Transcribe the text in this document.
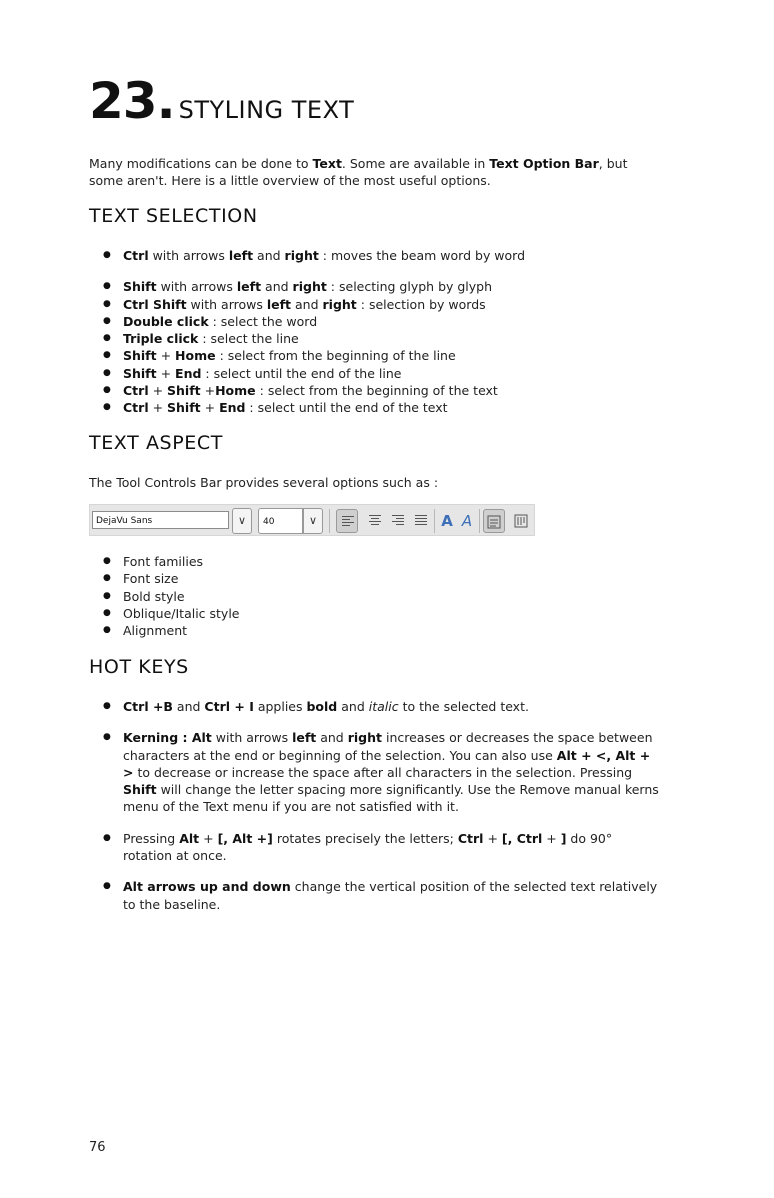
23. STYLING TEXT

Many modifications can be done to Text. Some are available in Text Option Bar, but some aren't. Here is a little overview of the most useful options.

TEXT SELECTION
● Ctrl with arrows left and right : moves the beam word by word
● Shift with arrows left and right : selecting glyph by glyph
● Ctrl Shift with arrows left and right : selection by words
● Double click : select the word
● Triple click : select the line
● Shift + Home : select from the beginning of the line
● Shift + End : select until the end of the line
● Ctrl + Shift +Home : select from the beginning of the text
● Ctrl + Shift + End : select until the end of the text
TEXT ASPECT

The Tool Controls Bar provides several options such as :

DejaVu Sans	∨	40	∨	A A
● Font families
● Font size
● Bold style
● Oblique/Italic style
● Alignment
HOT KEYS
● Ctrl +B and Ctrl + I applies bold and italic to the selected text.
● Kerning : Alt with arrows left and right increases or decreases the space between characters at the end or beginning of the selection. You can also use Alt + <, Alt + > to decrease or increase the space after all characters in the selection. Pressing Shift will change the letter spacing more significantly. Use the Remove manual kerns menu of the Text menu if you are not satisfied with it.
● Pressing Alt + [, Alt +] rotates precisely the letters; Ctrl + [, Ctrl + ] do 90° rotation at once.
● Alt arrows up and down change the vertical position of the selected text relatively to the baseline.
76
